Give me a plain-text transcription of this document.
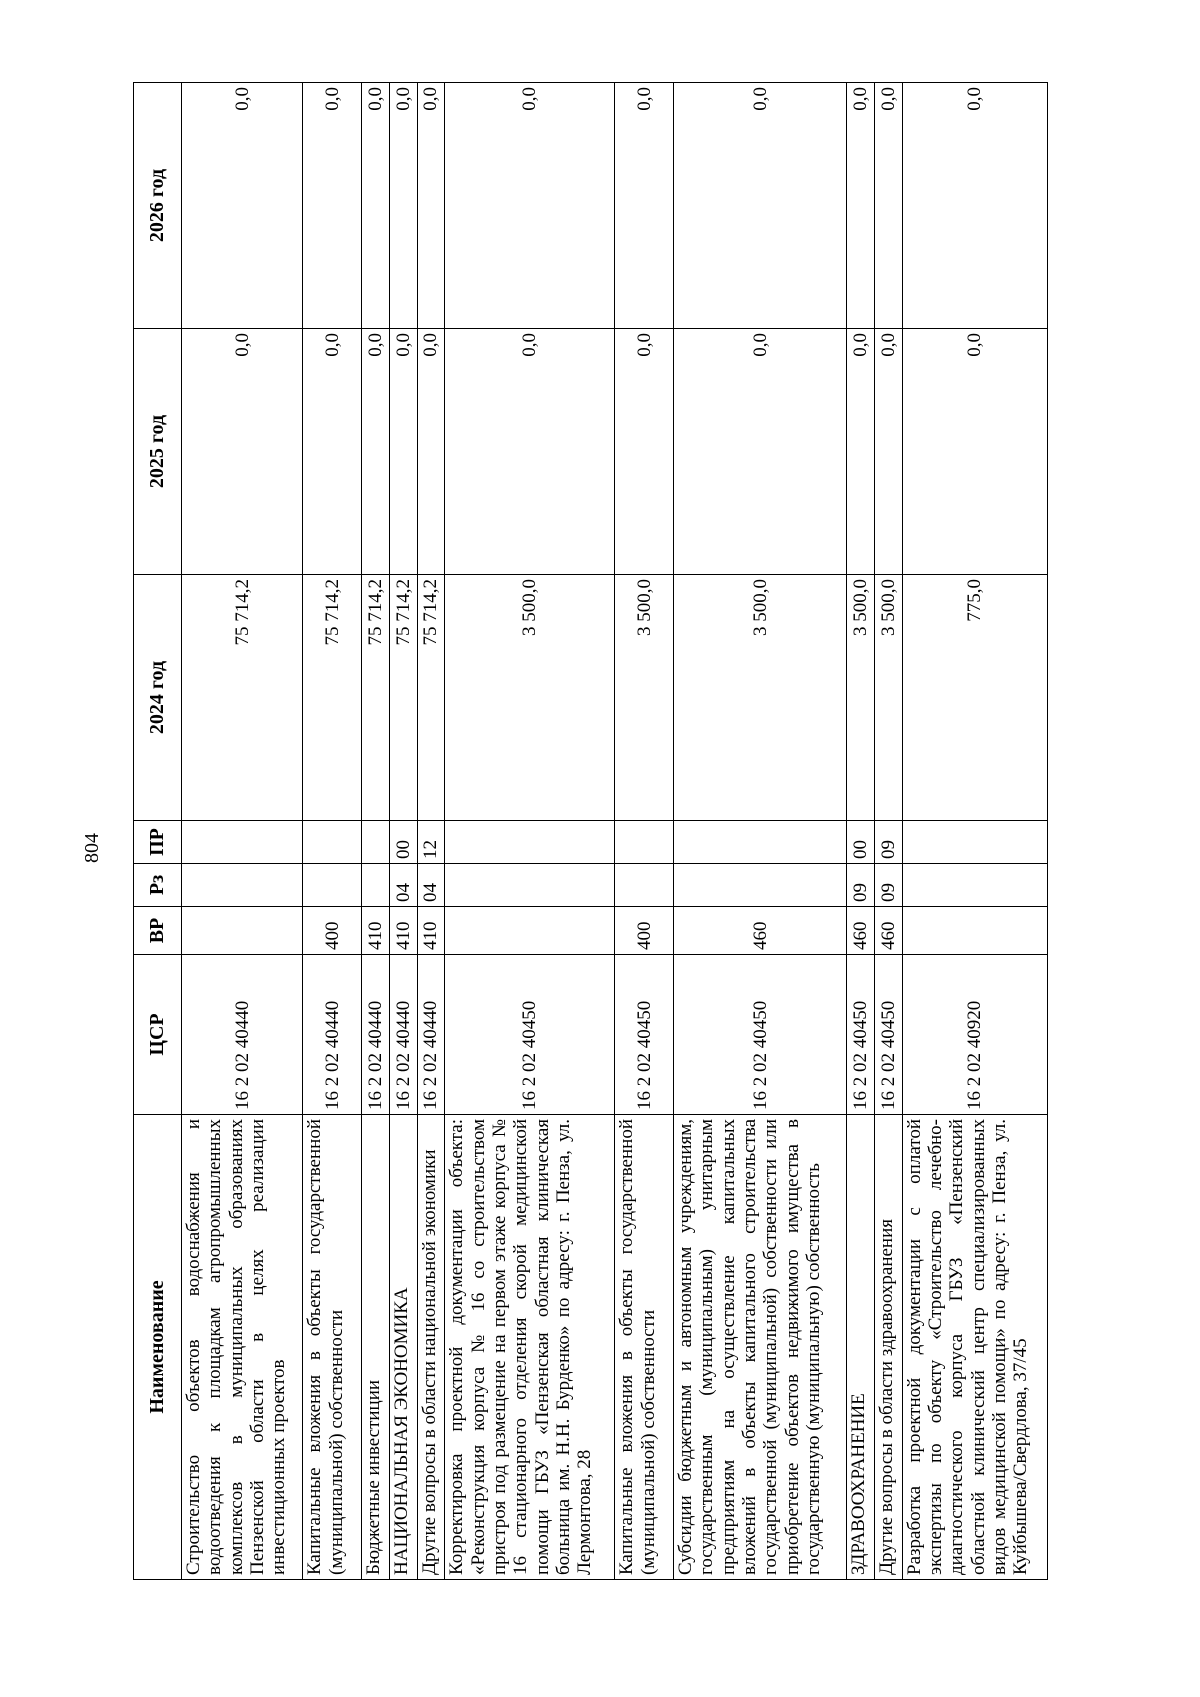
804
Наименование	ЦСР	ВР	Рз	ПР	2024 год	2025 год	2026 год
Строительство объектов водоснабжения и водоотведения к площадкам агропромышленных комплексов в муниципальных образованиях Пензенской области в целях реализации инвестиционных проектов	16 2 02 40440				75 714,2	0,0	0,0
Капитальные вложения в объекты государственной (муниципальной) собственности	16 2 02 40440	400			75 714,2	0,0	0,0
Бюджетные инвестиции	16 2 02 40440	410			75 714,2	0,0	0,0
НАЦИОНАЛЬНАЯ ЭКОНОМИКА	16 2 02 40440	410	04	00	75 714,2	0,0	0,0
Другие вопросы в области национальной экономики	16 2 02 40440	410	04	12	75 714,2	0,0	0,0
Корректировка проектной документации объекта: «Реконструкция корпуса № 16 со строительством пристроя под размещение на первом этаже корпуса № 16 стационарного отделения скорой медицинской помощи ГБУЗ «Пензенская областная клиническая больница им. Н.Н. Бурденко» по адресу: г. Пенза, ул. Лермонтова, 28	16 2 02 40450				3 500,0	0,0	0,0
Капитальные вложения в объекты государственной (муниципальной) собственности	16 2 02 40450	400			3 500,0	0,0	0,0
Субсидии бюджетным и автономным учреждениям, государственным (муниципальным) унитарным предприятиям на осуществление капитальных вложений в объекты капитального строительства государственной (муниципальной) собственности или приобретение объектов недвижимого имущества в государственную (муниципальную) собственность	16 2 02 40450	460			3 500,0	0,0	0,0
ЗДРАВООХРАНЕНИЕ	16 2 02 40450	460	09	00	3 500,0	0,0	0,0
Другие вопросы в области здравоохранения	16 2 02 40450	460	09	09	3 500,0	0,0	0,0
Разработка проектной документации с оплатой экспертизы по объекту «Строительство лечебно-диагностического корпуса ГБУЗ «Пензенский областной клинический центр специализированных видов медицинской помощи» по адресу: г. Пенза, ул. Куйбышева/Свердлова, 37/45	16 2 02 40920				775,0	0,0	0,0
